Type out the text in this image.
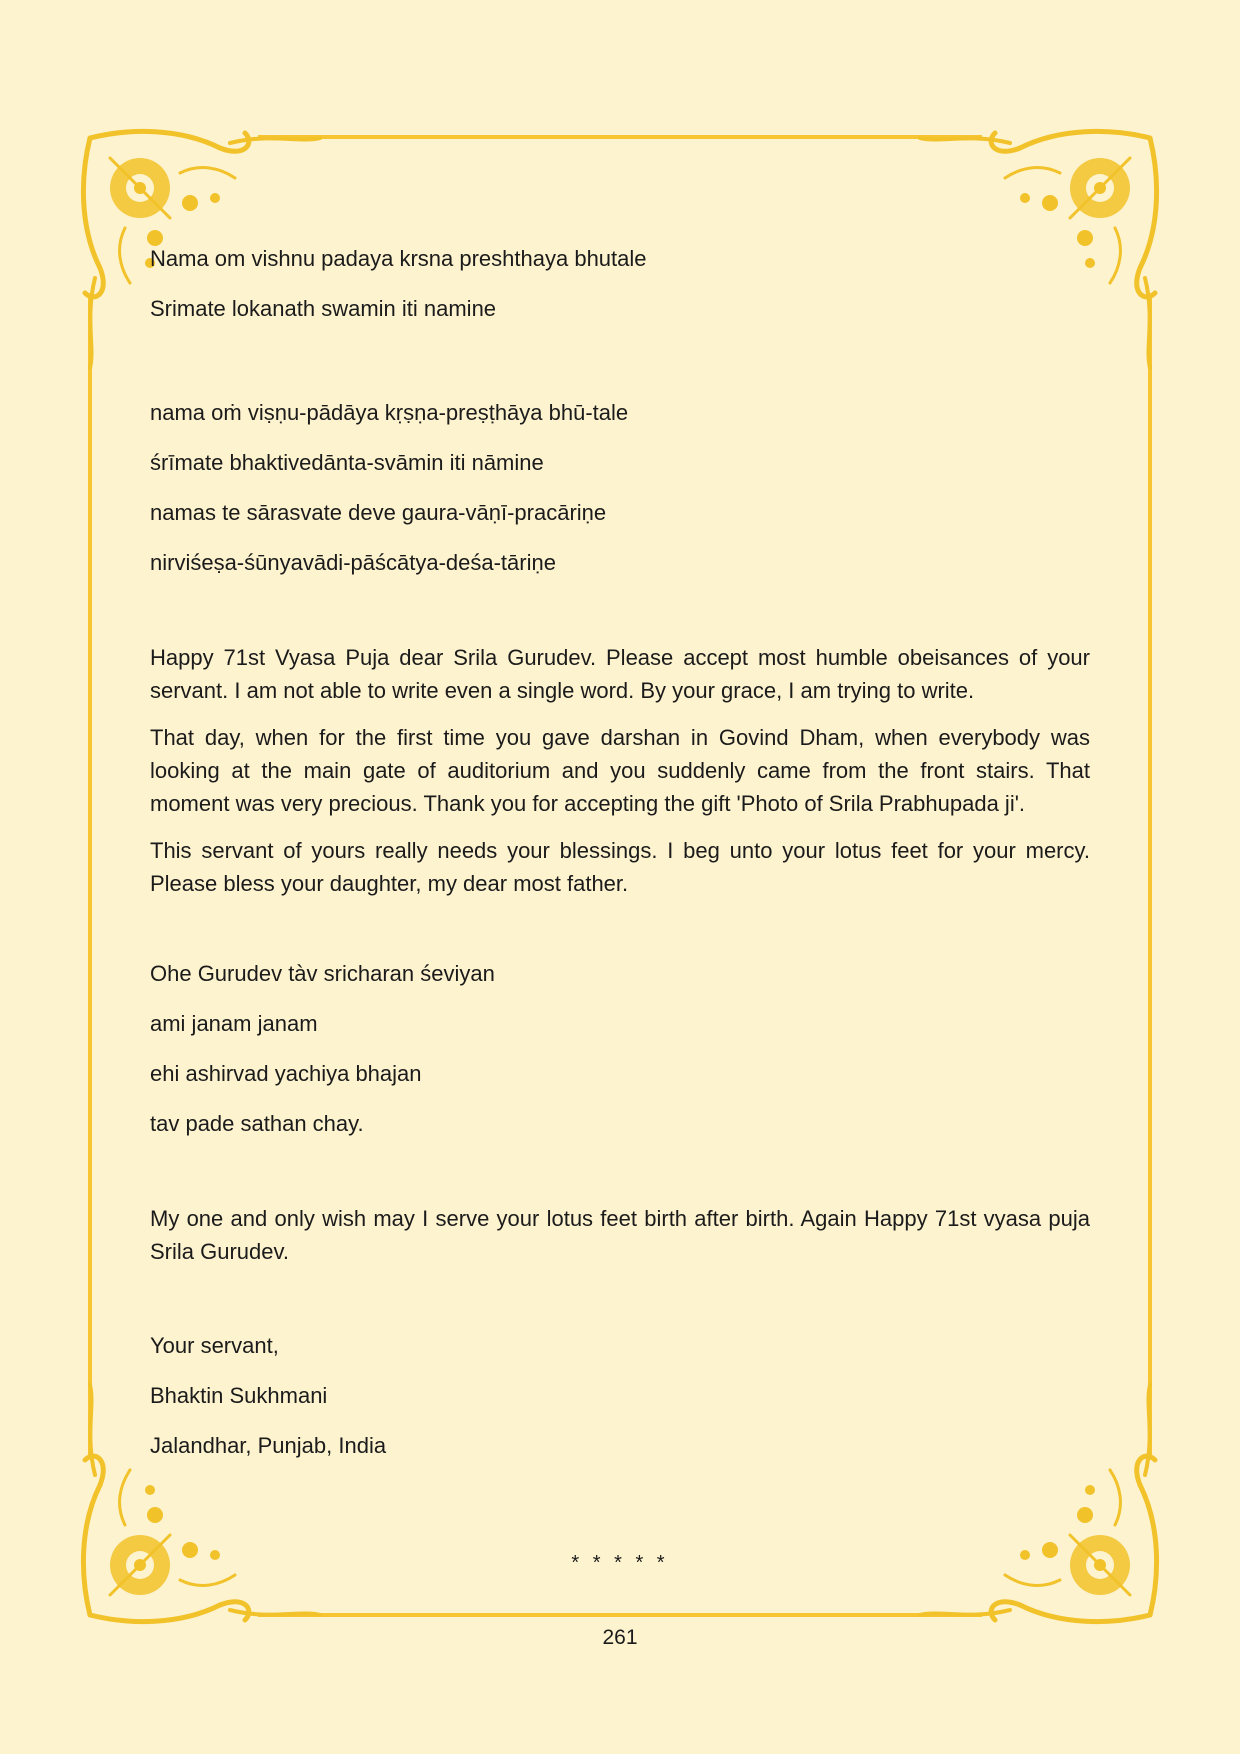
Nama om vishnu padaya krsna preshthaya bhutale

Srimate lokanath swamin iti namine

nama oṁ viṣṇu-pādāya kṛṣṇa-preṣṭhāya bhū-tale

śrīmate bhaktivedānta-svāmin iti nāmine

namas te sārasvate deve gaura-vāṇī-pracāriṇe

nirviśeṣa-śūnyavādi-pāścātya-deśa-tāriṇe

Happy 71st Vyasa Puja dear Srila Gurudev. Please accept most humble obeisances of your servant. I am not able to write even a single word. By your grace, I am trying to write.

That day, when for the first time you gave darshan in Govind Dham, when everybody was looking at the main gate of auditorium and you suddenly came from the front stairs. That moment was very precious. Thank you for accepting the gift 'Photo of Srila Prabhupada ji'.

This servant of yours really needs your blessings. I beg unto your lotus feet for your mercy. Please bless your daughter, my dear most father.

Ohe Gurudev tàv sricharan śeviyan

ami janam janam

ehi ashirvad yachiya bhajan

tav pade sathan chay.

My one and only wish may I serve your lotus feet birth after birth. Again Happy 71st vyasa puja Srila Gurudev.

Your servant,

Bhaktin Sukhmani

Jalandhar, Punjab, India

* * * * *
261
